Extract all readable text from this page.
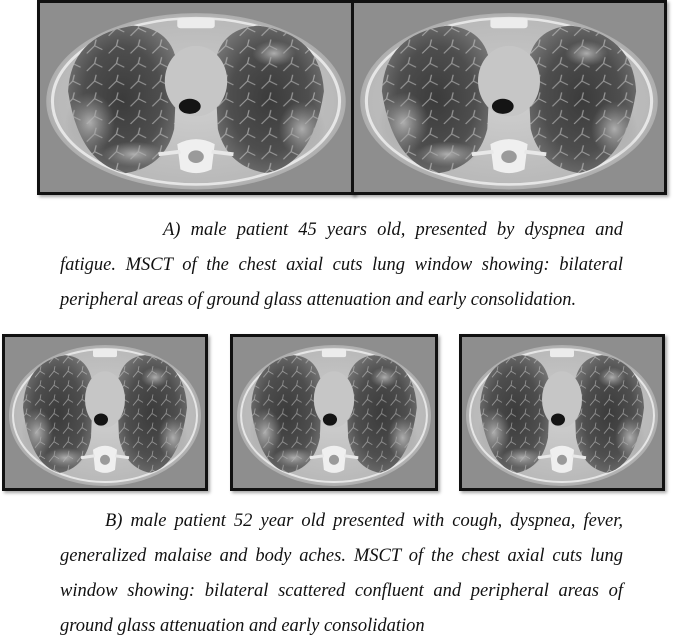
A) male patient 45 years old, presented by dyspnea and
fatigue. MSCT of the chest axial cuts lung window showing: bilateral
peripheral areas of ground glass attenuation and early consolidation.
B) male patient 52 year old presented with cough, dyspnea, fever,
generalized malaise and body aches. MSCT of the chest axial cuts lung
window showing: bilateral scattered confluent and peripheral areas of
ground glass attenuation and early consolidation
